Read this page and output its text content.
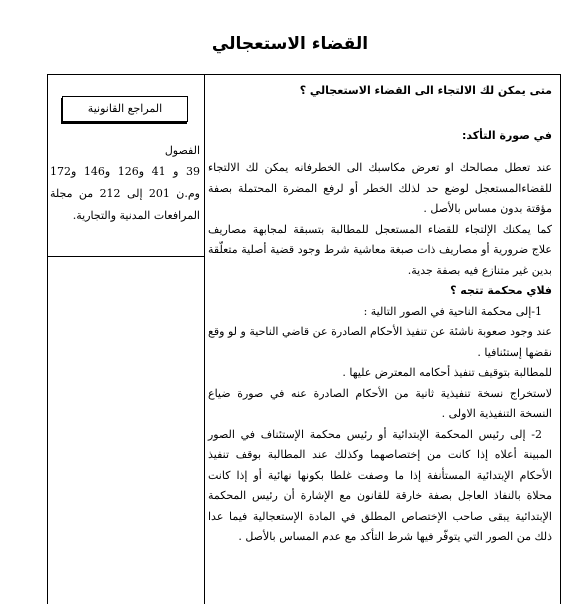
القضاء الاستعجالي

متى يمكن لك الالتجاء الى القضاء الاستعجالي ؟

في صورة التأكد:

عند تعطل مصالحك او تعرض مكاسبك الى الخطرفانه يمكن لك الالتجاء للقضاءالمستعجل لوضع حد لذلك الخطر أو لرفع المضرة المحتملة بصفة مؤقتة بدون مساس بالأصل .

كما يمكنك الإلتجاء للقضاء المستعجل للمطالبة بتسبقة لمجابهة مصاريف علاج ضرورية أو مصاريف ذات صبغة معاشية شرط وجود قضية أصلية متعلّقة بدين غير متنازع فيه بصفة جدية.

فلاي محكمة تتجه ؟

1-إلى محكمة الناحية في الصور التالية :

عند وجود صعوبة ناشئة عن تنفيذ الأحكام الصادرة عن قاضي الناحية و لو وقع نقضها إستئنافيا .

للمطالبة بتوقيف تنفيذ أحكامه المعترض عليها .

لاستخراج نسخة تنفيذية ثانية من الأحكام الصادرة عنه في صورة ضياع النسخة التنفيذية الاولى .

2- إلى رئيس المحكمة الإبتدائية أو رئيس محكمة الإستئناف في الصور المبينة أعلاه إذا كانت من إختصاصهما وكذلك عند المطالبة بوقف تنفيذ الأحكام الإبتدائية المستأنفة إذا ما وصفت غلطا بكونها نهائية أو إذا كانت محلاة بالنفاذ العاجل بصفة خارقة للقانون مع الإشارة أن رئيس المحكمة الإبتدائية يبقى صاحب الإختصاص المطلق في المادة الإستعجالية فيما عدا ذلك من الصور التي يتوفّر فيها شرط التأكد مع عدم المساس بالأصل .

المراجع القانونية
الفصول
39 و 41 و126 و146 و172 وم.ن 201 إلى 212 من مجلة المرافعات المدنية والتجارية.
